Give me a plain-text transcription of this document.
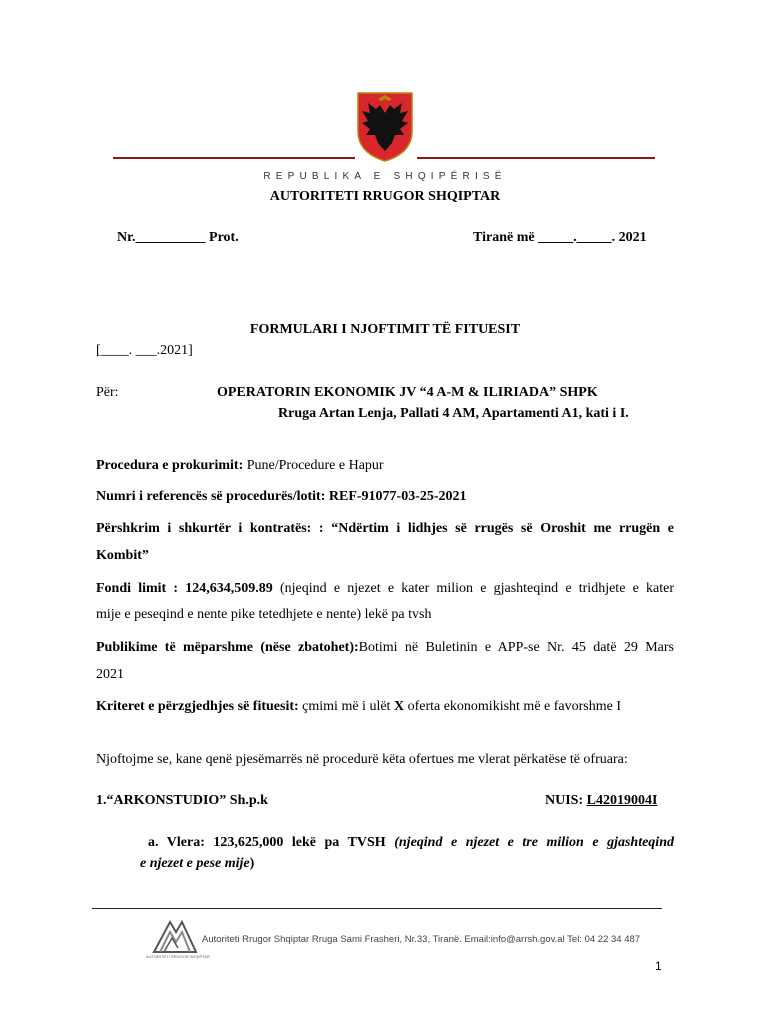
REPUBLIKA E SHQIPËRISË
AUTORITETI RRUGOR SHQIPTAR
Nr.__________ Prot.	Tiranë më _____._____. 2021
FORMULARI I NJOFTIMIT TË FITUESIT
[____. ___.2021]
Për:	OPERATORIN EKONOMIK JV “4 A-M & ILIRIADA” SHPK
Rruga Artan Lenja, Pallati 4 AM, Apartamenti A1, kati i I.
Procedura e prokurimit: Pune/Procedure e Hapur
Numri i referencës së procedurës/lotit: REF-91077-03-25-2021
Përshkrim i shkurtër i kontratës: : “Ndërtim i lidhjes së rrugës së Oroshit me rrugën e
Kombit”
Fondi limit : 124,634,509.89 (njeqind e njezet e kater milion e gjashteqind e tridhjete e kater
mije e peseqind e nente pike tetedhjete e nente) lekë pa tvsh
Publikime të mëparshme (nëse zbatohet):Botimi në Buletinin e APP-se Nr. 45 datë 29 Mars
2021
Kriteret e përzgjedhjes së fituesit: çmimi më i ulët X oferta ekonomikisht më e favorshme I
Njoftojme se, kane qenë pjesëmarrës në procedurë këta ofertues me vlerat përkatëse të ofruara:
1.“ARKONSTUDIO” Sh.p.k	NUIS: L42019004I
a. Vlera: 123,625,000 lekë pa TVSH (njeqind e njezet e tre milion e gjashteqind
e njezet e pese mije)
AUTORITETI RRUGOR SHQIPTAR
Autoriteti Rrugor Shqiptar Rruga Sami Frasheri, Nr.33, Tiranë. Email:info@arrsh.gov.al Tel: 04 22 34 487
1
